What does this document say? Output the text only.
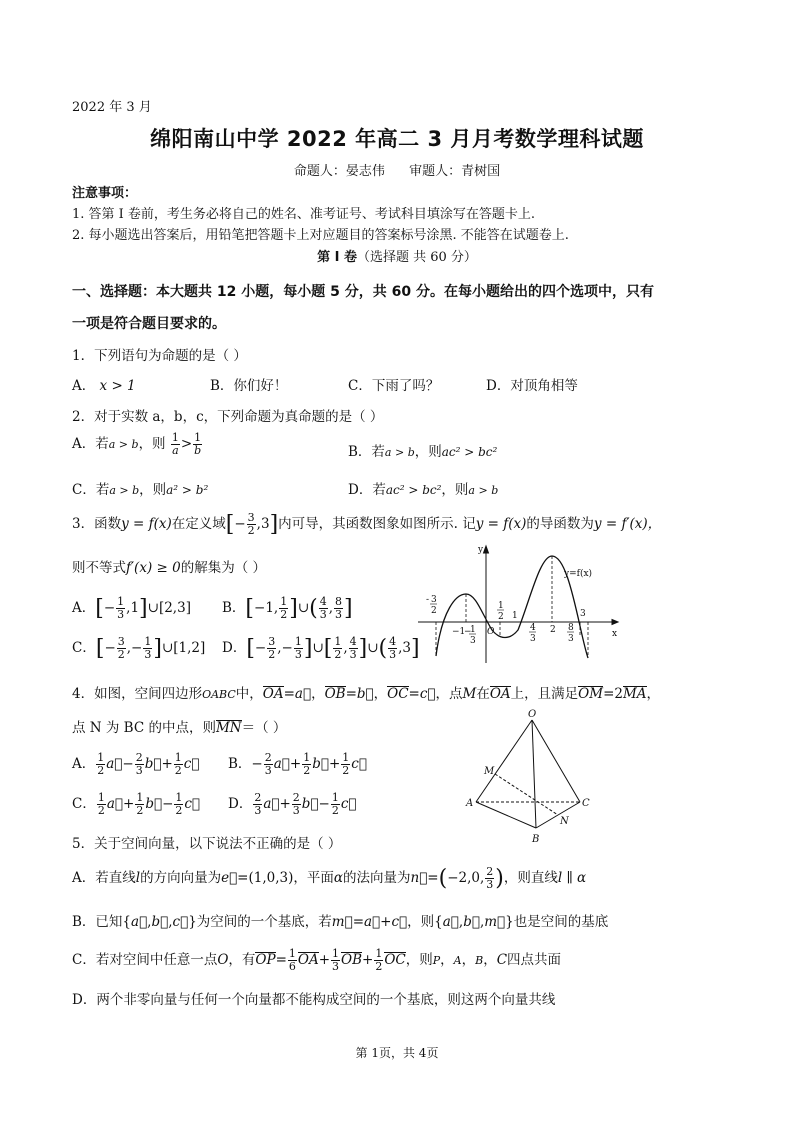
2022 年 3 月
绵阳南山中学 2022 年高二 3 月月考数学理科试题
命题人：晏志伟 审题人：青树国
注意事项：
1. 答第 I 卷前，考生务必将自己的姓名、准考证号、考试科目填涂写在答题卡上.
2. 每小题选出答案后，用铅笔把答题卡上对应题目的答案标号涂黑. 不能答在试题卷上.
第 I 卷（选择题 共 60 分）
一、选择题：本大题共 12 小题，每小题 5 分，共 60 分。在每小题给出的四个选项中，只有
一项是符合题目要求的。
1．下列语句为命题的是（ ）
A． x > 1	B．你们好！	C．下雨了吗？	D．对顶角相等
2．对于实数 a，b，c，下列命题为真命题的是（ ）
A．若a > b，则 $\frac{1}{a} > \frac{1}{b}$	B．若a > b，则ac² > bc²
C．若a > b，则a² > b²	D．若ac² > bc²，则a > b
3．函数y = f(x)在定义域[− $\frac{3}{2} ,3$]内可导，其函数图象如图所示. 记y = f(x)的导函数为y = f′(x)，
则不等式f′(x) ≥ 0的解集为（ ）
A．[− $\frac{1}{3}$ ,1]∪[2,3] B．[−1, $\frac{1}{2}$ ]∪( $\frac{4}{3}$ , $\frac{8}{3}$ ]
C．[− $\frac{3}{2}$ ,− $\frac{1}{3}$ ]∪[1,2] D．[− $\frac{3}{2}$ ,− $\frac{1}{3}$ ]∪[ $\frac{1}{2}$ , $\frac{4}{3}$ ]∪( $\frac{4}{3} ,3$]
y
x
y=f(x)
O
- 3
2
−1
−
1
3
1
2 1
4
3
2 8
3
3
4．如图，空间四边形OABC中，OA=a⃗，OB=b⃗，OC=c⃗，点M在OA上，且满足OM=2MA，
点 N 为 BC 的中点，则MN＝（ ）
A． $\frac{1}{2}$ a⃗− $\frac{2}{3}$ b⃗+ $\frac{1}{2}$ c⃗ B．− $\frac{2}{3}$ a⃗+ $\frac{1}{2}$ b⃗+ $\frac{1}{2}$ c⃗
C． $\frac{1}{2}$ a⃗+ $\frac{1}{2}$ b⃗− $\frac{1}{2}$ c⃗ D． $\frac{2}{3}$ a⃗+ $\frac{2}{3}$ b⃗− $\frac{1}{2}$ c⃗
O
M
A
B
C
N
5．关于空间向量，以下说法不正确的是（ ）
A．若直线l的方向向量为e⃗=(1,0,3)，平面α的法向量为n⃗=(−2,0, $\frac{2}{3}$ )，则直线l ∥ α
B．已知{a⃗,b⃗,c⃗}为空间的一个基底，若m⃗=a⃗+c⃗，则{a⃗,b⃗,m⃗}也是空间的基底
C．若对空间中任意一点O，有$OP= \frac{1}{6} OA+ \frac{1}{3} OB+ \frac{1}{2}$ OC，则P，A，B，C四点共面
D．两个非零向量与任何一个向量都不能构成空间的一个基底，则这两个向量共线
第 1页，共 4页
